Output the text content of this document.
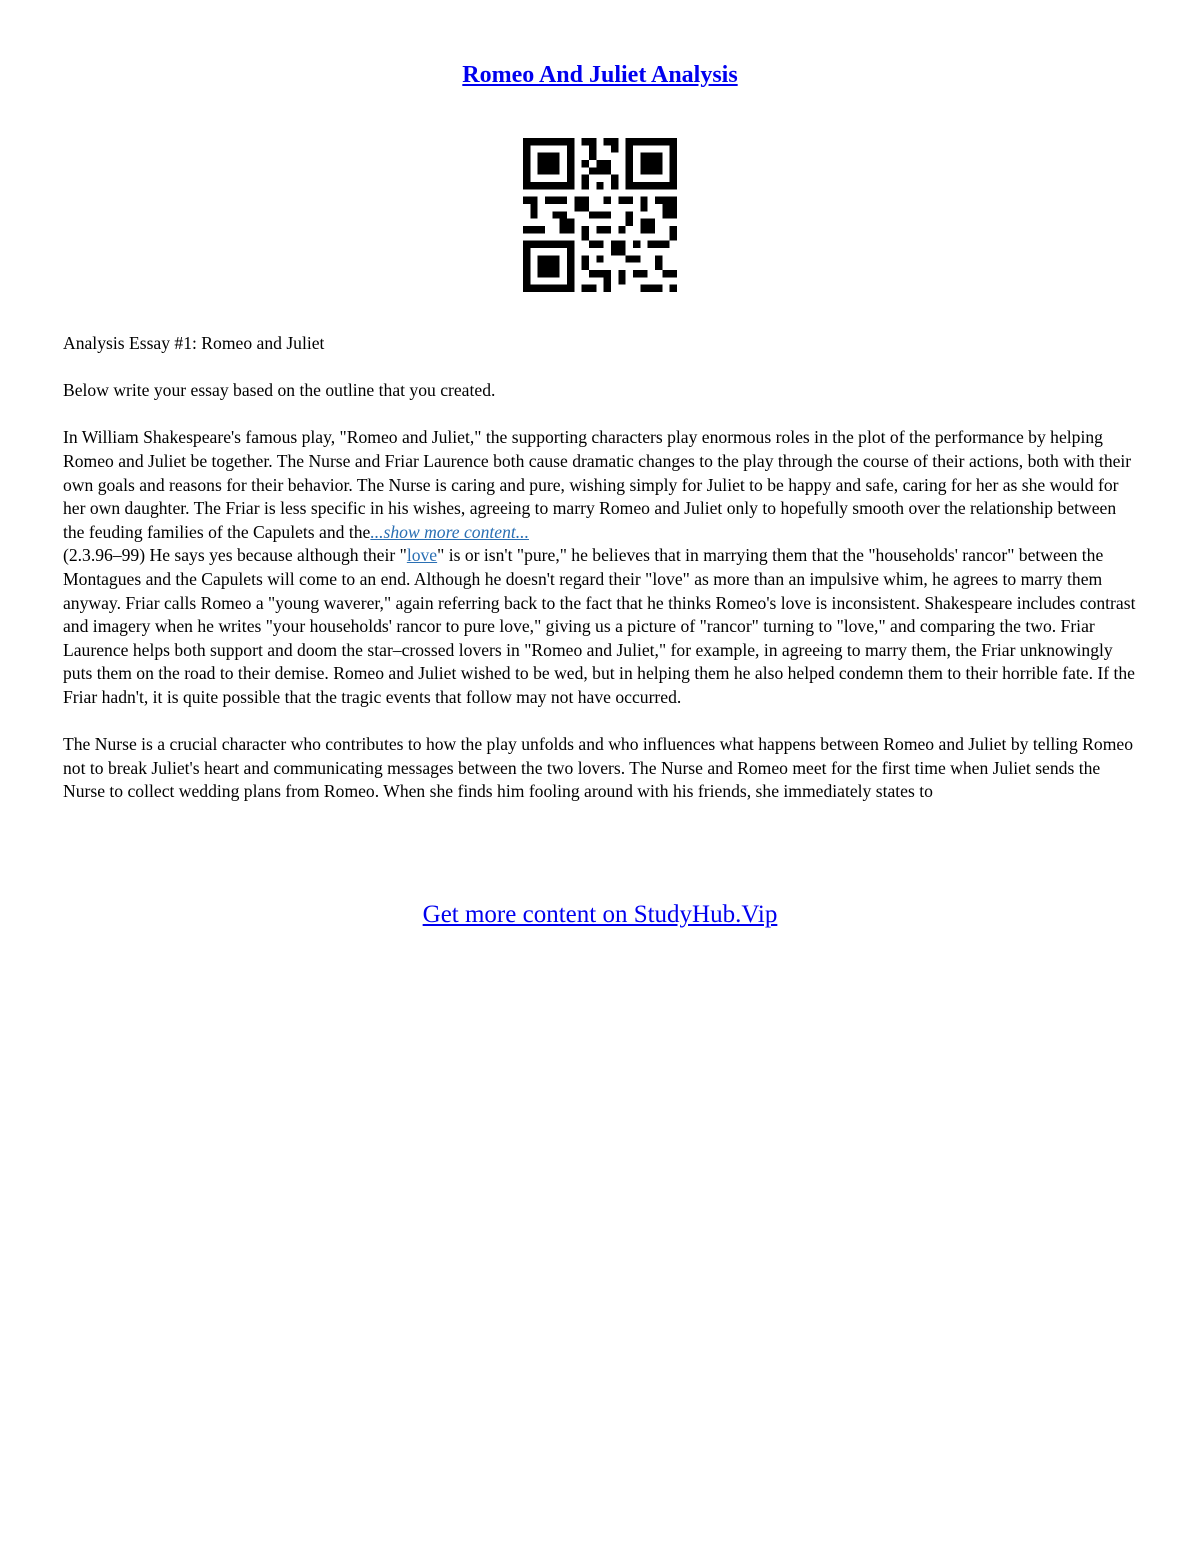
Romeo And Juliet Analysis

Analysis Essay #1: Romeo and Juliet

Below write your essay based on the outline that you created.

In William Shakespeare's famous play, "Romeo and Juliet," the supporting characters play enormous roles in the plot of the performance by helping Romeo and Juliet be together. The Nurse and Friar Laurence both cause dramatic changes to the play through the course of their actions, both with their own goals and reasons for their behavior. The Nurse is caring and pure, wishing simply for Juliet to be happy and safe, caring for her as she would for her own daughter. The Friar is less specific in his wishes, agreeing to marry Romeo and Juliet only to hopefully smooth over the relationship between the feuding families of the Capulets and the...show more content...

(2.3.96–99) He says yes because although their "love" is or isn't "pure," he believes that in marrying them that the "households' rancor" between the Montagues and the Capulets will come to an end. Although he doesn't regard their "love" as more than an impulsive whim, he agrees to marry them anyway. Friar calls Romeo a "young waverer," again referring back to the fact that he thinks Romeo's love is inconsistent. Shakespeare includes contrast and imagery when he writes "your households' rancor to pure love," giving us a picture of "rancor" turning to "love," and comparing the two. Friar Laurence helps both support and doom the star–crossed lovers in "Romeo and Juliet," for example, in agreeing to marry them, the Friar unknowingly puts them on the road to their demise. Romeo and Juliet wished to be wed, but in helping them he also helped condemn them to their horrible fate. If the Friar hadn't, it is quite possible that the tragic events that follow may not have occurred.

The Nurse is a crucial character who contributes to how the play unfolds and who influences what happens between Romeo and Juliet by telling Romeo not to break Juliet's heart and communicating messages between the two lovers. The Nurse and Romeo meet for the first time when Juliet sends the Nurse to collect wedding plans from Romeo. When she finds him fooling around with his friends, she immediately states to

Get more content on StudyHub.Vip
